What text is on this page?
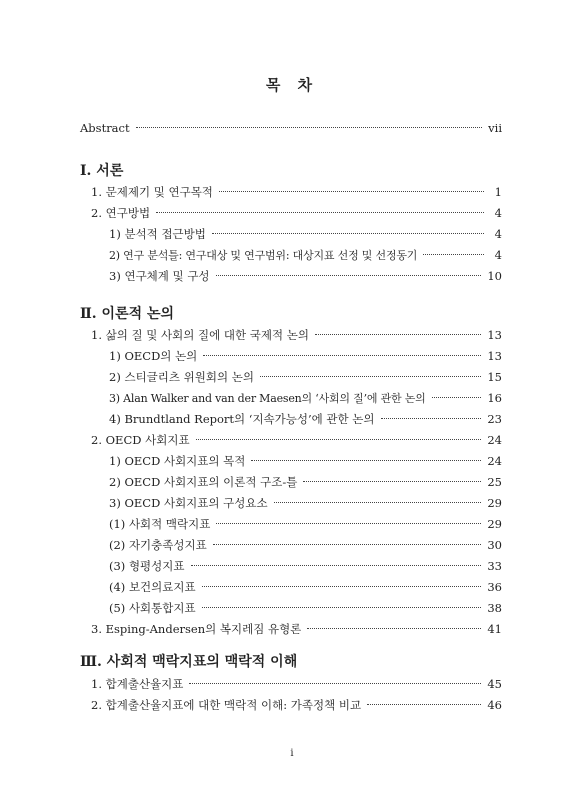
목 차
Abstract	vii
Ⅰ. 서론
1. 문제제기 및 연구목적	1
2. 연구방법	4
1) 분석적 접근방법	4
2) 연구 분석틀: 연구대상 및 연구범위: 대상지표 선정 및 선정동기	4
3) 연구체계 및 구성	10
Ⅱ. 이론적 논의
1. 삶의 질 및 사회의 질에 대한 국제적 논의	13
1) OECD의 논의	13
2) 스티글리츠 위원회의 논의	15
3) Alan Walker and van der Maesen의 ‘사회의 질’에 관한 논의	16
4) Brundtland Report의 ‘지속가능성’에 관한 논의	23
2. OECD 사회지표	24
1) OECD 사회지표의 목적	24
2) OECD 사회지표의 이론적 구조-틀	25
3) OECD 사회지표의 구성요소	29
(1) 사회적 맥락지표	29
(2) 자기충족성지표	30
(3) 형평성지표	33
(4) 보건의료지표	36
(5) 사회통합지표	38
3. Esping-Andersen의 복지레짐 유형론	41
Ⅲ. 사회적 맥락지표의 맥락적 이해
1. 합계출산율지표	45
2. 합계출산율지표에 대한 맥락적 이해: 가족정책 비교	46
i
